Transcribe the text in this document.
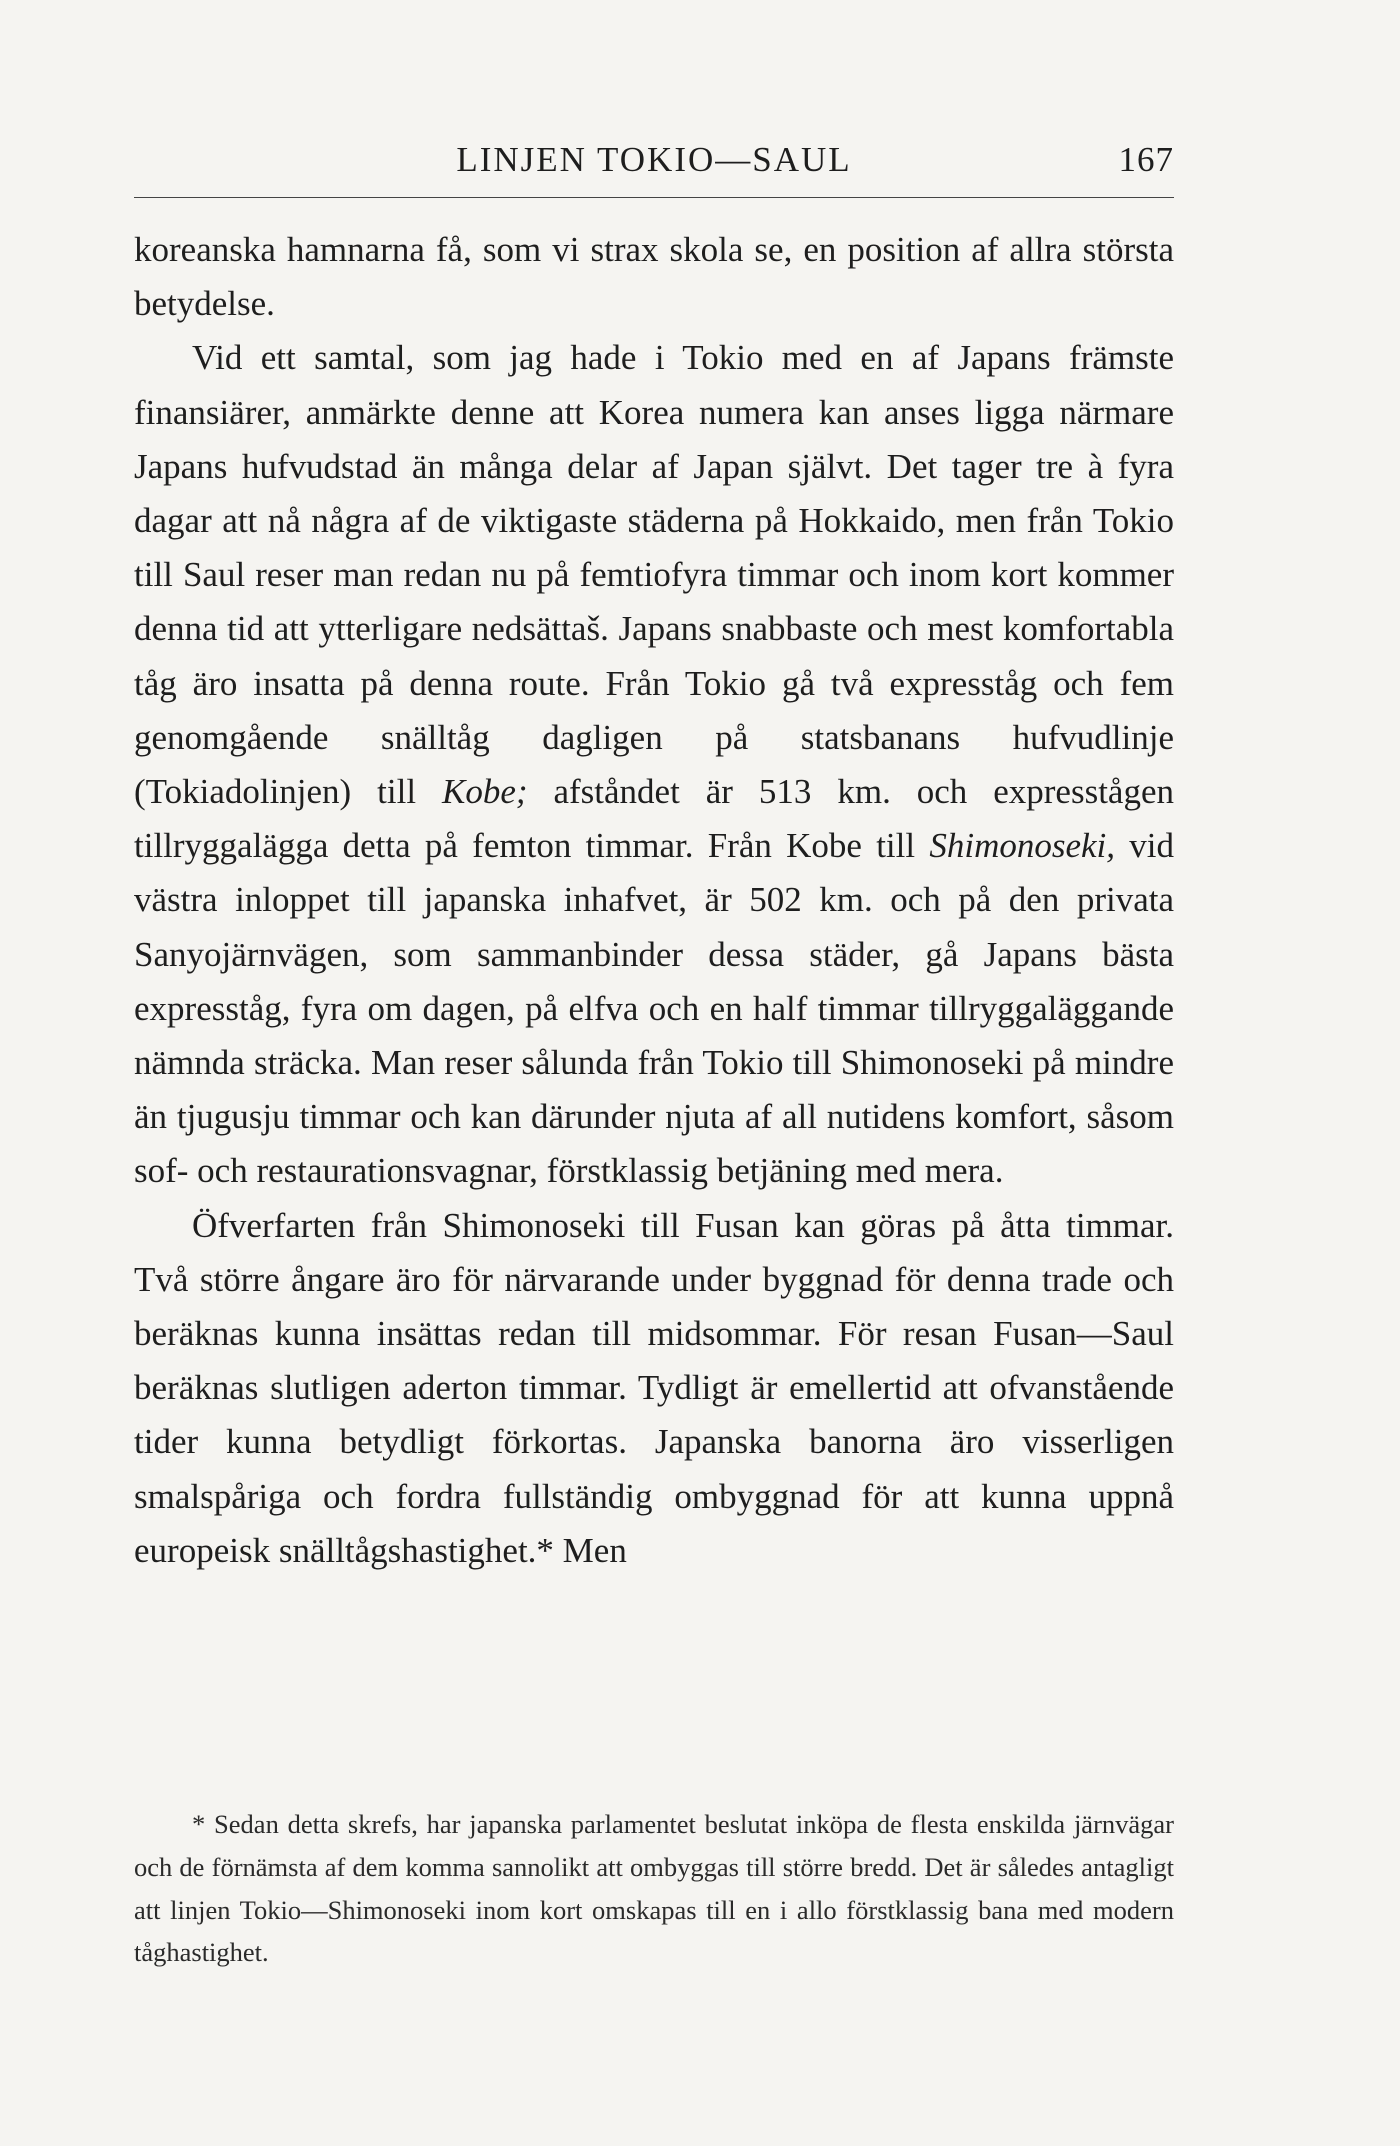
LINJEN TOKIO—SAUL	167

koreanska hamnarna få, som vi strax skola se, en position af allra största betydelse.

Vid ett samtal, som jag hade i Tokio med en af Japans främste finansiärer, anmärkte denne att Korea numera kan anses ligga närmare Japans hufvudstad än många delar af Japan självt. Det tager tre à fyra dagar att nå några af de viktigaste städerna på Hokkaido, men från Tokio till Saul reser man redan nu på femtiofyra timmar och inom kort kommer denna tid att ytterligare nedsättaš. Japans snabbaste och mest komfortabla tåg äro insatta på denna route. Från Tokio gå två expresståg och fem genomgående snälltåg dagligen på statsbanans hufvudlinje (Tokiadolinjen) till Kobe; afståndet är 513 km. och expresstågen tillryggalägga detta på femton timmar. Från Kobe till Shimonoseki, vid västra inloppet till japanska inhafvet, är 502 km. och på den privata Sanyojärnvägen, som sammanbinder dessa städer, gå Japans bästa expresståg, fyra om dagen, på elfva och en half timmar tillryggaläggande nämnda sträcka. Man reser sålunda från Tokio till Shimonoseki på mindre än tjugusju timmar och kan därunder njuta af all nutidens komfort, såsom sof- och restaurationsvagnar, förstklassig betjäning med mera.

Öfverfarten från Shimonoseki till Fusan kan göras på åtta timmar. Två större ångare äro för närvarande under byggnad för denna trade och beräknas kunna insättas redan till midsommar. För resan Fusan—Saul beräknas slutligen aderton timmar. Tydligt är emellertid att ofvanstående tider kunna betydligt förkortas. Japanska banorna äro visserligen smalspåriga och fordra fullständig ombyggnad för att kunna uppnå europeisk snälltågshastighet.* Men

* Sedan detta skrefs, har japanska parlamentet beslutat inköpa de flesta enskilda järnvägar och de förnämsta af dem komma sannolikt att ombyggas till större bredd. Det är således antagligt att linjen Tokio—Shimonoseki inom kort omskapas till en i allo förstklassig bana med modern tåghastighet.
